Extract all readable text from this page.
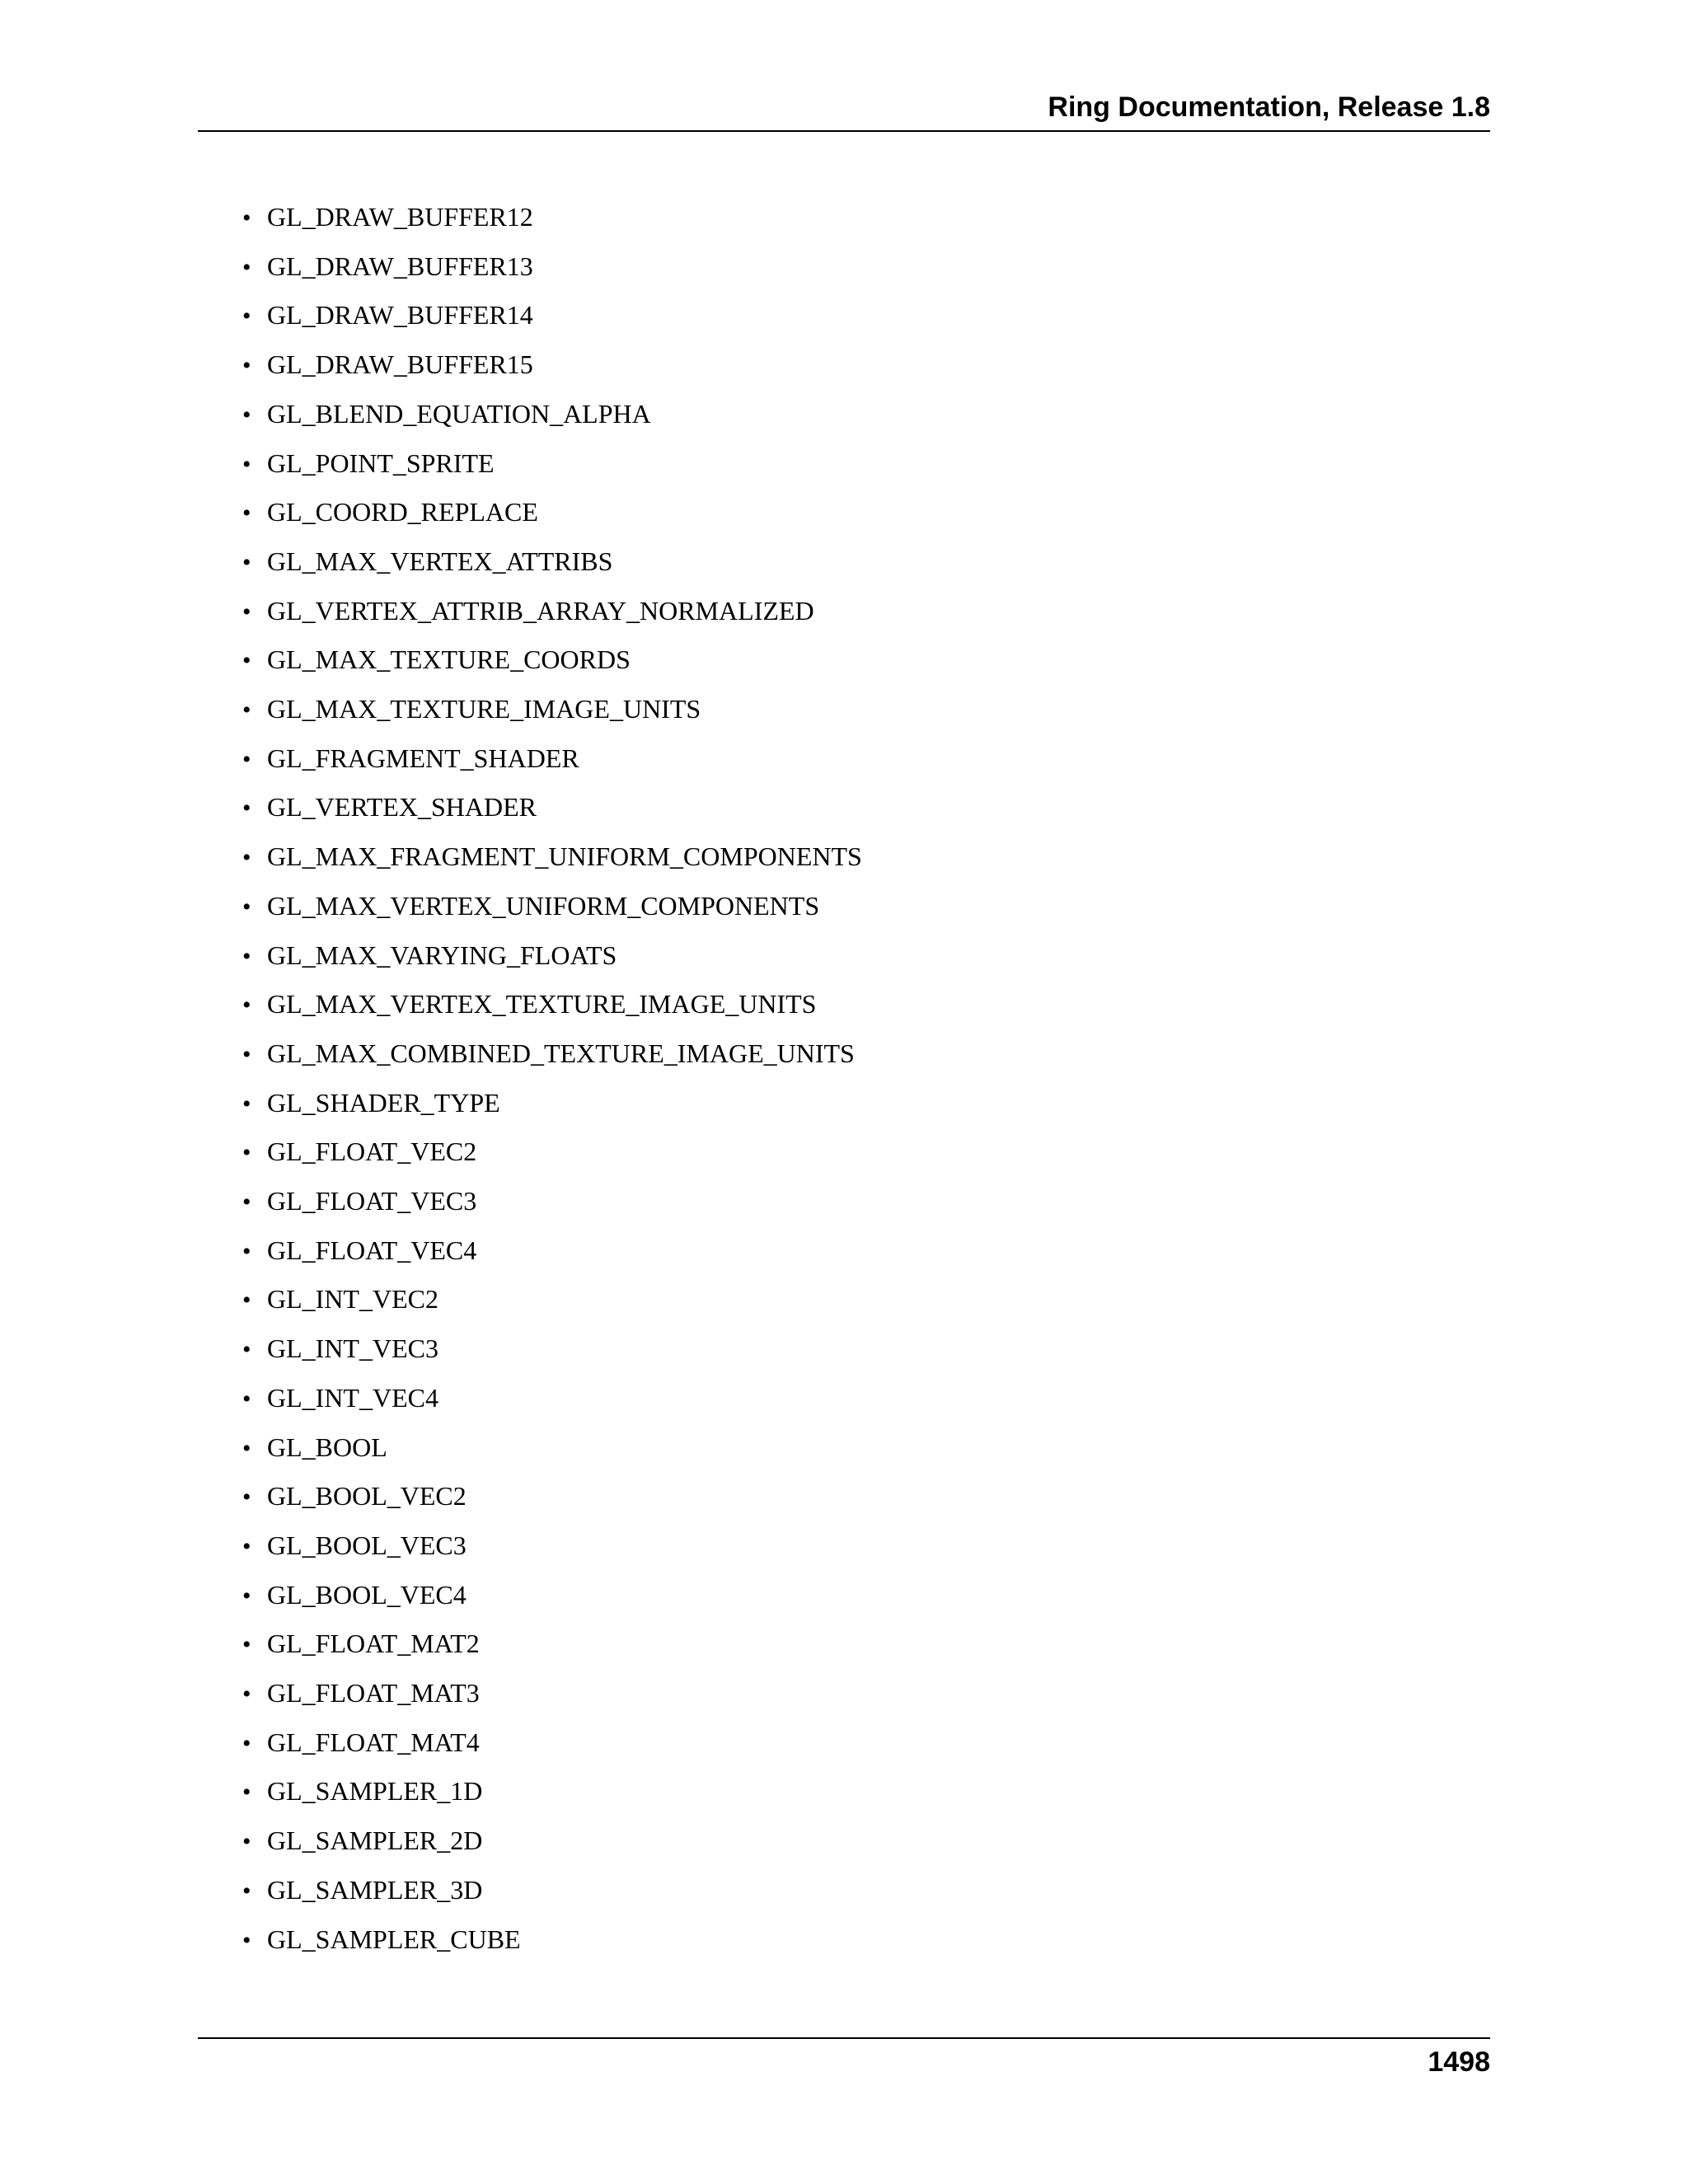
Ring Documentation, Release 1.8
• GL_DRAW_BUFFER12
• GL_DRAW_BUFFER13
• GL_DRAW_BUFFER14
• GL_DRAW_BUFFER15
• GL_BLEND_EQUATION_ALPHA
• GL_POINT_SPRITE
• GL_COORD_REPLACE
• GL_MAX_VERTEX_ATTRIBS
• GL_VERTEX_ATTRIB_ARRAY_NORMALIZED
• GL_MAX_TEXTURE_COORDS
• GL_MAX_TEXTURE_IMAGE_UNITS
• GL_FRAGMENT_SHADER
• GL_VERTEX_SHADER
• GL_MAX_FRAGMENT_UNIFORM_COMPONENTS
• GL_MAX_VERTEX_UNIFORM_COMPONENTS
• GL_MAX_VARYING_FLOATS
• GL_MAX_VERTEX_TEXTURE_IMAGE_UNITS
• GL_MAX_COMBINED_TEXTURE_IMAGE_UNITS
• GL_SHADER_TYPE
• GL_FLOAT_VEC2
• GL_FLOAT_VEC3
• GL_FLOAT_VEC4
• GL_INT_VEC2
• GL_INT_VEC3
• GL_INT_VEC4
• GL_BOOL
• GL_BOOL_VEC2
• GL_BOOL_VEC3
• GL_BOOL_VEC4
• GL_FLOAT_MAT2
• GL_FLOAT_MAT3
• GL_FLOAT_MAT4
• GL_SAMPLER_1D
• GL_SAMPLER_2D
• GL_SAMPLER_3D
• GL_SAMPLER_CUBE
1498
